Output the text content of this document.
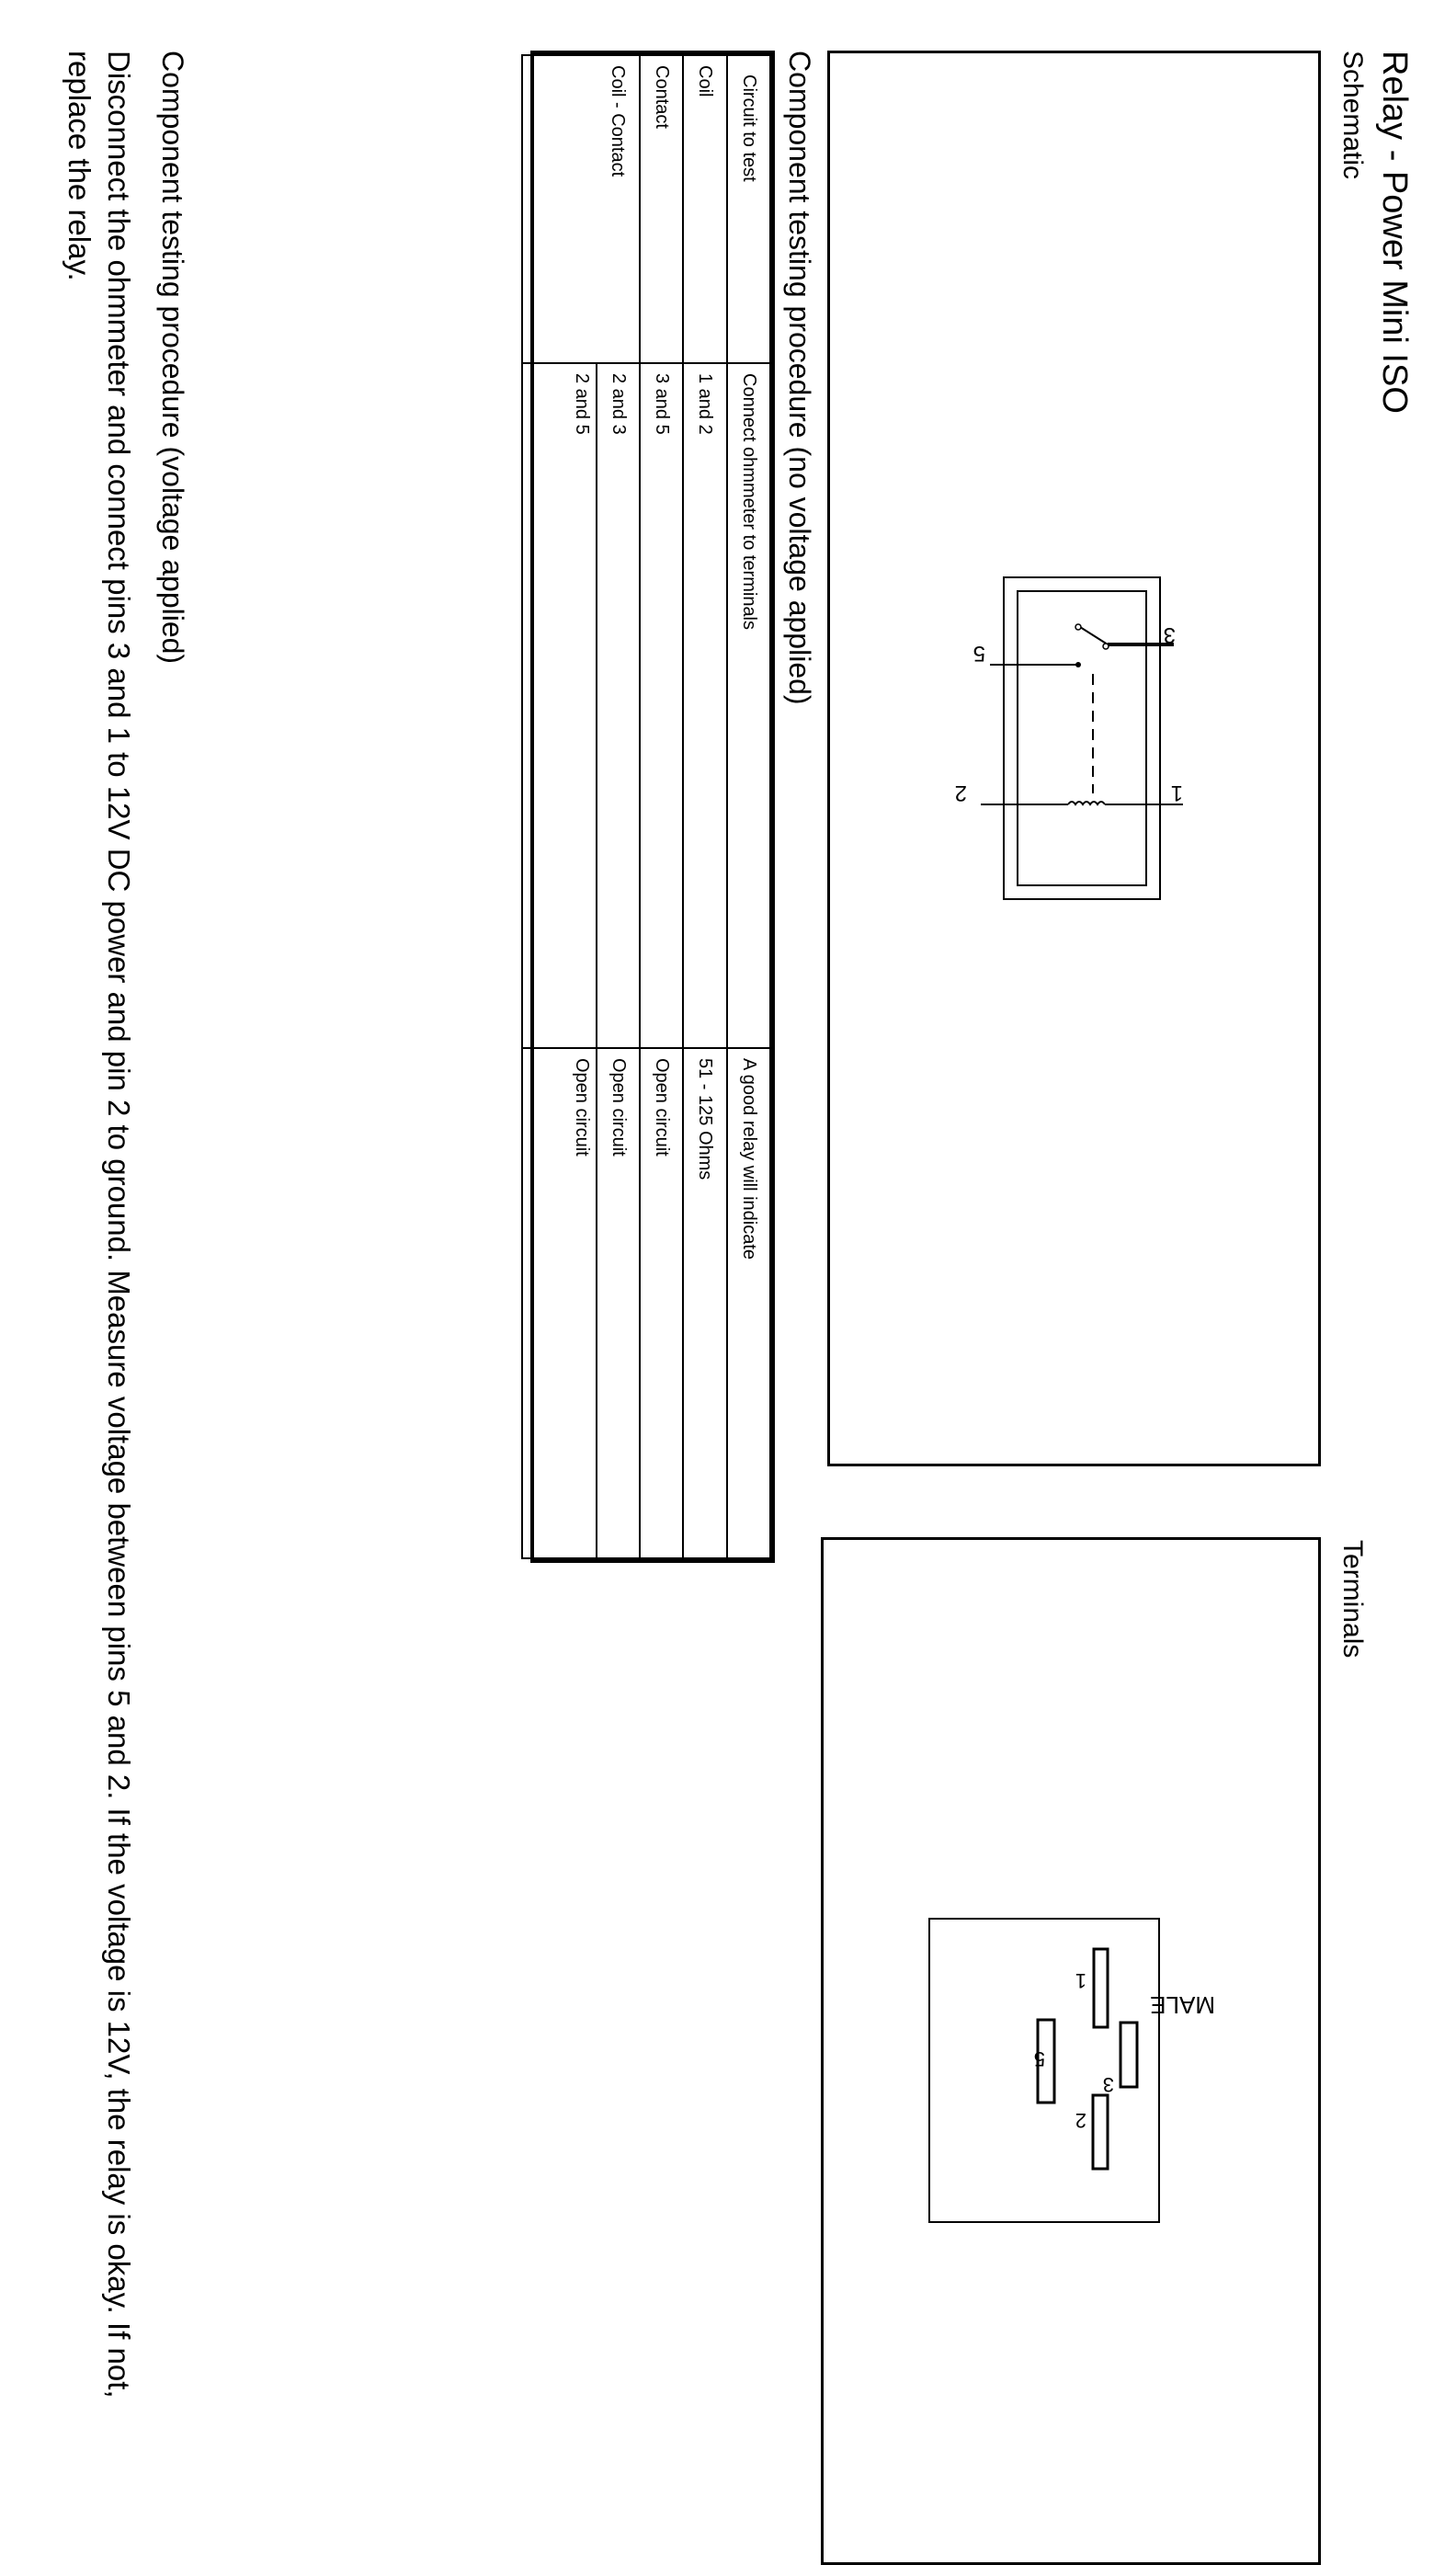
Relay - Power Mini ISO
Schematic
Terminals
3
5
1
2
1
5
3
2
MALE
Component testing procedure (no voltage applied)
Circuit to test	Connect ohmmeter to terminals	A good relay will indicate
Coil	1 and 2	51 - 125 Ohms
Contact	3 and 5	Open circuit
Coil - Contact	2 and 3	Open circuit
	2 and 5	Open circuit
Component testing procedure (voltage applied)
Disconnect the ohmmeter and connect pins 3 and 1 to 12V DC power and pin 2 to ground. Measure voltage between pins 5 and 2. If the voltage is 12V, the relay is okay. If not, replace the relay.
